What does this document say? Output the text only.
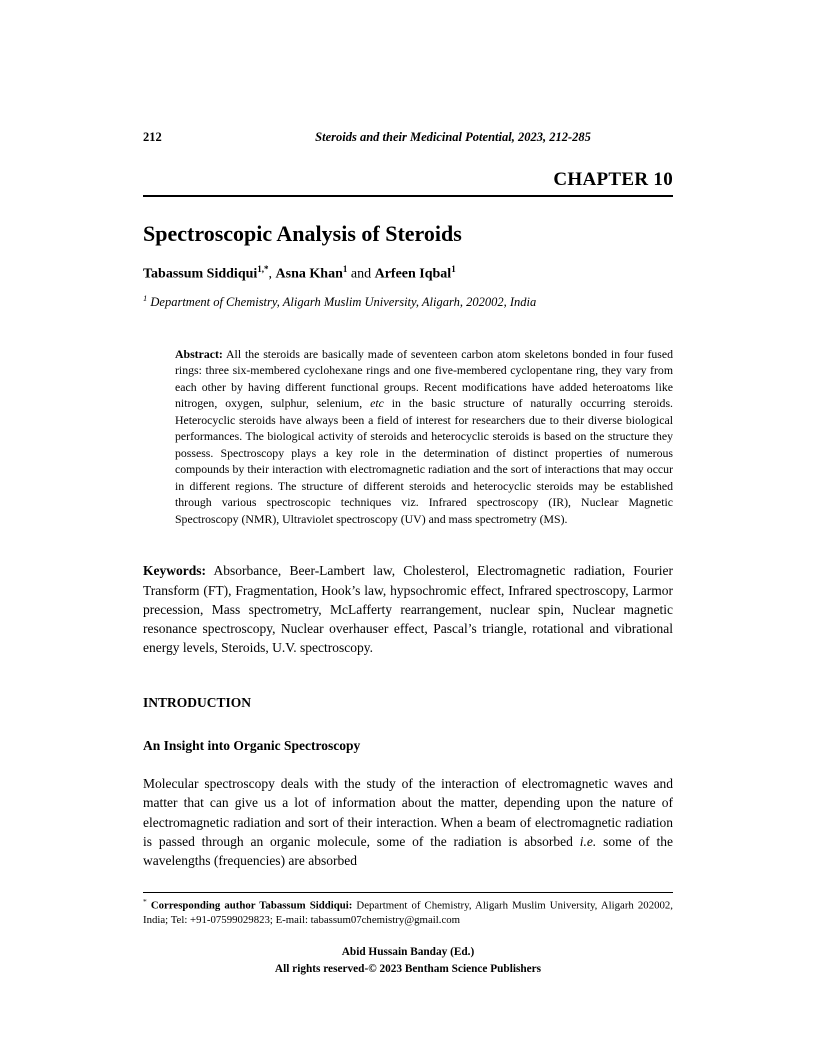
212	Steroids and their Medicinal Potential, 2023, 212-285
CHAPTER 10
Spectroscopic Analysis of Steroids
Tabassum Siddiqui$^{1,*}$, Asna Khan$^1$ and Arfeen Iqbal$^1$
$^1$ Department of Chemistry, Aligarh Muslim University, Aligarh, 202002, India
Abstract: All the steroids are basically made of seventeen carbon atom skeletons bonded in four fused rings: three six-membered cyclohexane rings and one five-membered cyclopentane ring, they vary from each other by having different functional groups. Recent modifications have added heteroatoms like nitrogen, oxygen, sulphur, selenium, etc in the basic structure of naturally occurring steroids. Heterocyclic steroids have always been a field of interest for researchers due to their diverse biological performances. The biological activity of steroids and heterocyclic steroids is based on the structure they possess. Spectroscopy plays a key role in the determination of distinct properties of numerous compounds by their interaction with electromagnetic radiation and the sort of interactions that may occur in different regions. The structure of different steroids and heterocyclic steroids may be established through various spectroscopic techniques viz. Infrared spectroscopy (IR), Nuclear Magnetic Spectroscopy (NMR), Ultraviolet spectroscopy (UV) and mass spectrometry (MS).
Keywords: Absorbance, Beer-Lambert law, Cholesterol, Electromagnetic radiation, Fourier Transform (FT), Fragmentation, Hook’s law, hypsochromic effect, Infrared spectroscopy, Larmor precession, Mass spectrometry, McLafferty rearrangement, nuclear spin, Nuclear magnetic resonance spectroscopy, Nuclear overhauser effect, Pascal’s triangle, rotational and vibrational energy levels, Steroids, U.V. spectroscopy.
INTRODUCTION
An Insight into Organic Spectroscopy
Molecular spectroscopy deals with the study of the interaction of electromagnetic waves and matter that can give us a lot of information about the matter, depending upon the nature of electromagnetic radiation and sort of their interaction. When a beam of electromagnetic radiation is passed through an organic molecule, some of the radiation is absorbed i.e. some of the wavelengths (frequencies) are absorbed
* Corresponding author Tabassum Siddiqui: Department of Chemistry, Aligarh Muslim University, Aligarh 202002, India; Tel: +91-07599029823; E-mail: tabassum07chemistry@gmail.com
Abid Hussain Banday (Ed.)
All rights reserved-© 2023 Bentham Science Publishers
